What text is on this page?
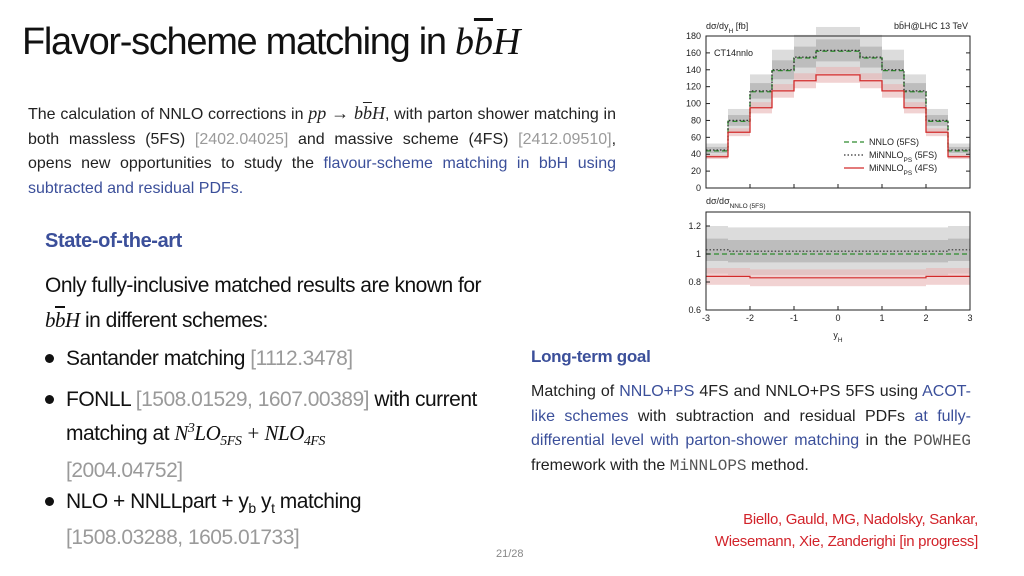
Flavor-scheme matching in $b\overline{b}H$
The calculation of NNLO corrections in pp → $b\overline{b}H$, with parton shower matching in both massless (5FS) [2402.04025] and massive scheme (4FS) [2412.09510], opens new opportunities to study the flavour-scheme matching in bbH using subtracted and residual PDFs.
State-of-the-art
Only fully-inclusive matched results are known for $b\overline{b}H$ in different schemes:
Santander matching [1112.3478]
FONLL [1508.01529, 1607.00389] with current matching at $N^3LO_{5FS} + NLO_{4FS}$
[2004.04752]
NLO + NNLLpart + $y_b$ $y_t$ matching
[1508.03288, 1605.01733]
Long-term goal
Matching of NNLO+PS 4FS and NNLO+PS 5FS using ACOT-like schemes with subtraction and residual PDFs at fully-differential level with parton-shower matching in the POWHEG fremework with the MiNNLOPS method.
Biello, Gauld, MG, Nadolsky, Sankar,
Wiesemann, Xie, Zanderighi [in progress]
21/28
0
20
40
60
80
100
120
140
160
180
$d\sigma/dy_H$ [fb]	bb̄H@LHC 13 TeV
CT14nnlo
NNLO (5FS)
MiNNLO$_{PS}$ (5FS)
MiNNLO$_{PS}$ (4FS)
0.6
0.8
1
1.2
-3	-2	-1	0	1	2	3
$d\sigma/d\sigma_{NNLO (5FS)}$
$y_H$
